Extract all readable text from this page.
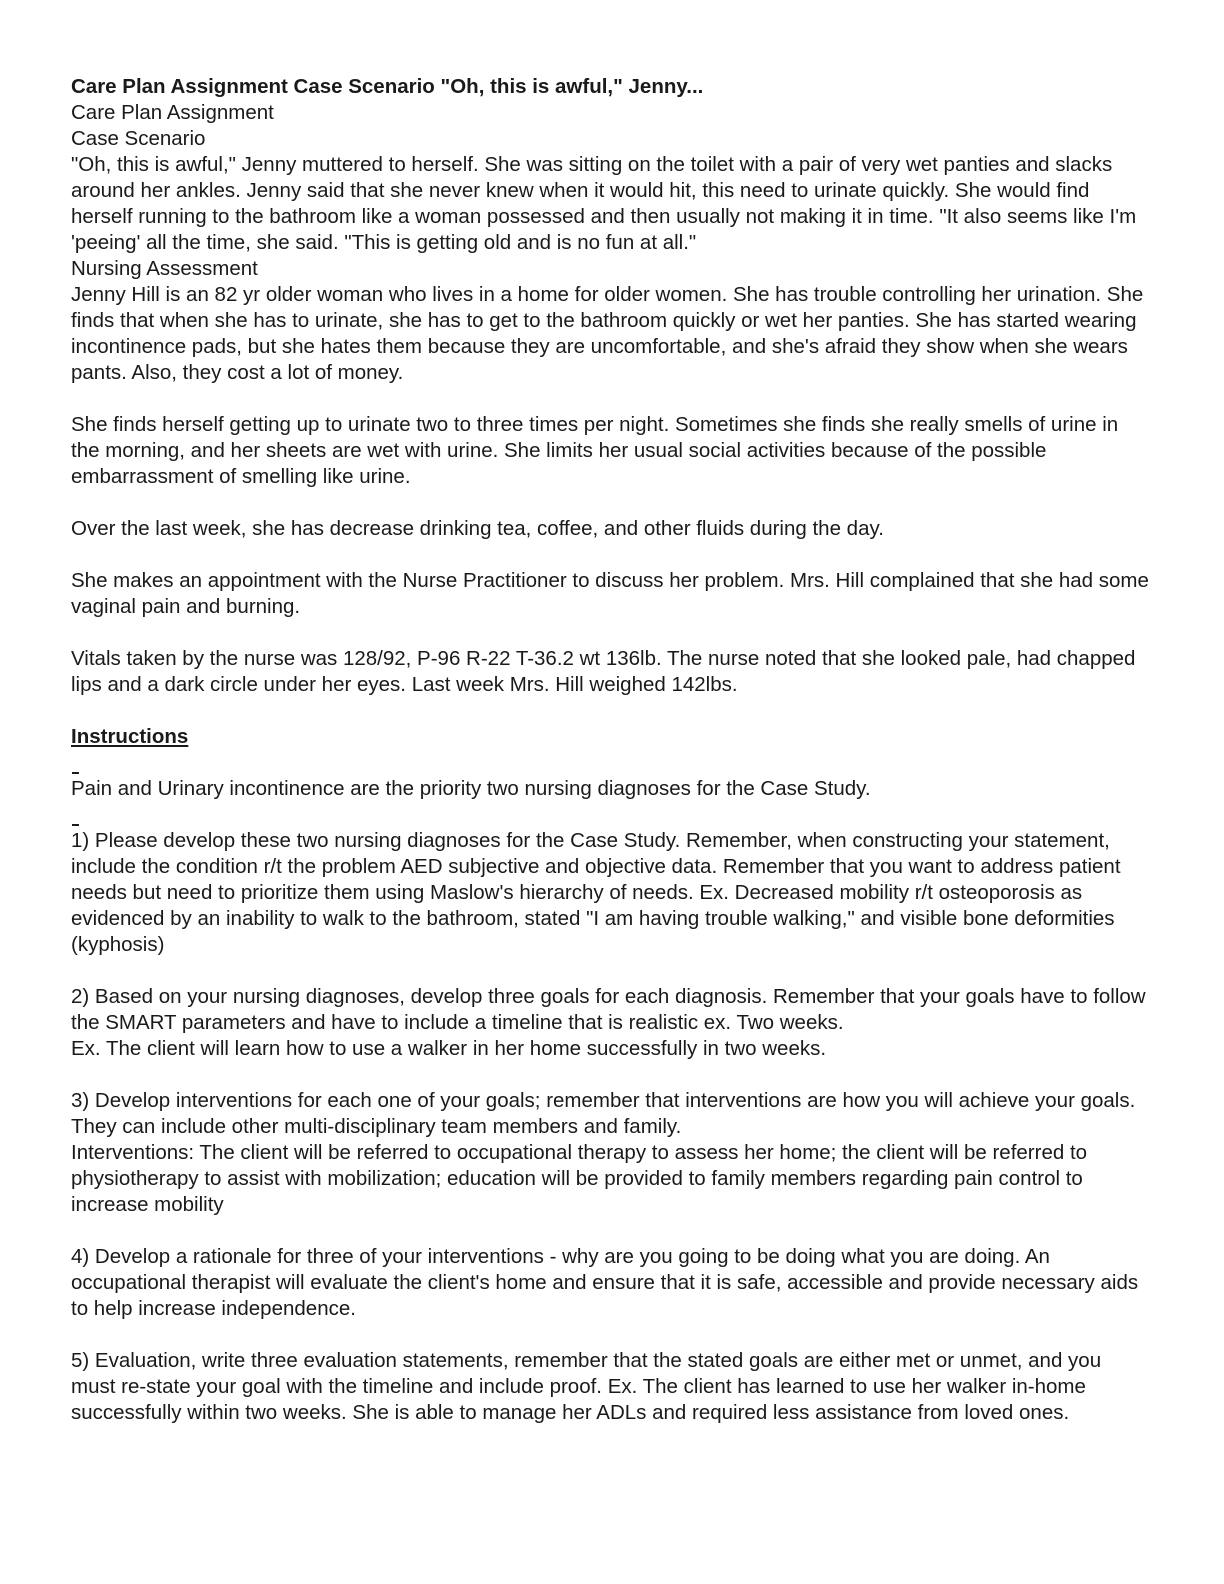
Care Plan Assignment Case Scenario "Oh, this is awful," Jenny...

Care Plan Assignment

Case Scenario

"Oh, this is awful," Jenny muttered to herself. She was sitting on the toilet with a pair of very wet panties and slacks around her ankles. Jenny said that she never knew when it would hit, this need to urinate quickly. She would find herself running to the bathroom like a woman possessed and then usually not making it in time. "It also seems like I'm 'peeing' all the time, she said. "This is getting old and is no fun at all."

Nursing Assessment

Jenny Hill is an 82 yr older woman who lives in a home for older women. She has trouble controlling her urination. She finds that when she has to urinate, she has to get to the bathroom quickly or wet her panties. She has started wearing incontinence pads, but she hates them because they are uncomfortable, and she's afraid they show when she wears pants. Also, they cost a lot of money.

She finds herself getting up to urinate two to three times per night. Sometimes she finds she really smells of urine in the morning, and her sheets are wet with urine. She limits her usual social activities because of the possible embarrassment of smelling like urine.

Over the last week, she has decrease drinking tea, coffee, and other fluids during the day.

She makes an appointment with the Nurse Practitioner to discuss her problem. Mrs. Hill complained that she had some vaginal pain and burning.

Vitals taken by the nurse was 128/92, P-96 R-22 T-36.2 wt 136lb. The nurse noted that she looked pale, had chapped lips and a dark circle under her eyes. Last week Mrs. Hill weighed 142lbs.

Instructions

Pain and Urinary incontinence are the priority two nursing diagnoses for the Case Study.

1) Please develop these two nursing diagnoses for the Case Study. Remember, when constructing your statement, include the condition r/t the problem AED subjective and objective data. Remember that you want to address patient needs but need to prioritize them using Maslow's hierarchy of needs. Ex. Decreased mobility r/t osteoporosis as evidenced by an inability to walk to the bathroom, stated "I am having trouble walking," and visible bone deformities (kyphosis)

2) Based on your nursing diagnoses, develop three goals for each diagnosis. Remember that your goals have to follow the SMART parameters and have to include a timeline that is realistic ex. Two weeks.

Ex. The client will learn how to use a walker in her home successfully in two weeks.

3) Develop interventions for each one of your goals; remember that interventions are how you will achieve your goals. They can include other multi-disciplinary team members and family.

Interventions: The client will be referred to occupational therapy to assess her home; the client will be referred to physiotherapy to assist with mobilization; education will be provided to family members regarding pain control to increase mobility

4) Develop a rationale for three of your interventions - why are you going to be doing what you are doing. An occupational therapist will evaluate the client's home and ensure that it is safe, accessible and provide necessary aids to help increase independence.

5) Evaluation, write three evaluation statements, remember that the stated goals are either met or unmet, and you must re-state your goal with the timeline and include proof. Ex. The client has learned to use her walker in-home successfully within two weeks. She is able to manage her ADLs and required less assistance from loved ones.
